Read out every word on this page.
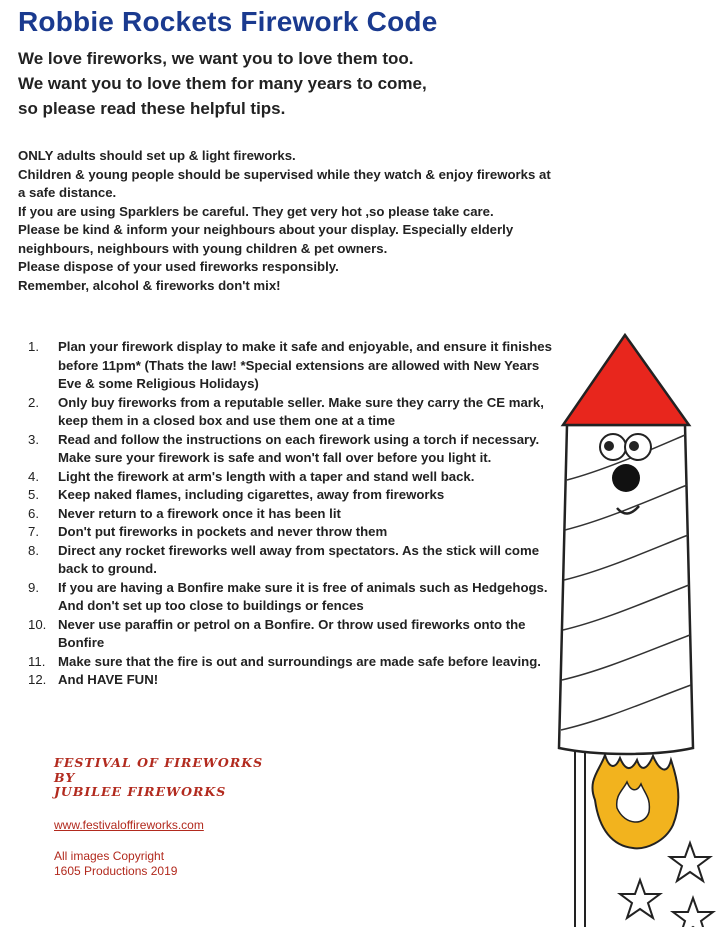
Robbie Rockets Firework Code
We love fireworks, we want you to love them too.
We want you to love them for many years to come,
so please read these helpful tips.
ONLY adults should set up & light fireworks.
Children & young people should be supervised while they watch & enjoy fireworks at a safe distance.
If you are using Sparklers be careful. They get very hot ,so please take care.
Please be kind & inform your neighbours about your display. Especially elderly neighbours, neighbours with young children & pet owners.
Please dispose of your used fireworks responsibly.
Remember, alcohol & fireworks don't mix!
1.	Plan your firework display to make it safe and enjoyable, and ensure it finishes before 11pm* (Thats the law! *Special extensions are allowed with New Years Eve & some Religious Holidays)
2.	Only buy fireworks from a reputable seller. Make sure they carry the CE mark, keep them in a closed box and use them one at a time
3.	Read and follow the instructions on each firework using a torch if necessary. Make sure your firework is safe and won't fall over before you light it.
4.	Light the firework at arm's length with a taper and stand well back.
5.	Keep naked flames, including cigarettes, away from fireworks
6.	Never return to a firework once it has been lit
7.	Don't put fireworks in pockets and never throw them
8.	Direct any rocket fireworks well away from spectators. As the stick will come back to ground.
9.	If you are having a Bonfire make sure it is free of animals such as Hedgehogs. And don't set up too close to buildings or fences
10. Never use paraffin or petrol on a Bonfire. Or throw used fireworks onto the Bonfire
11. Make sure that the fire is out and surroundings are made safe before leaving.
12. And HAVE FUN!
FESTIVAL OF FIREWORKS
BY
JUBILEE FIREWORKS
www.festivaloffireworks.com
All images Copyright
1605 Productions 2019
